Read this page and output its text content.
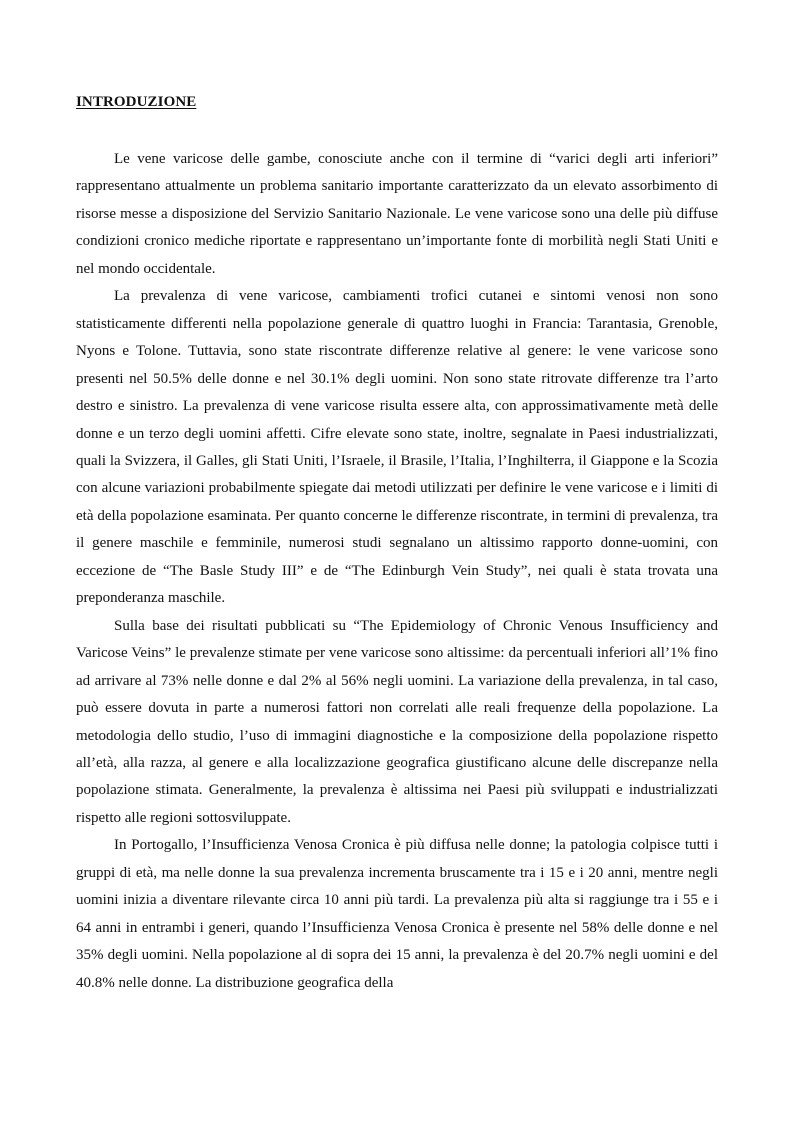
INTRODUZIONE

Le vene varicose delle gambe, conosciute anche con il termine di “varici degli arti inferiori” rappresentano attualmente un problema sanitario importante caratterizzato da un elevato assorbimento di risorse messe a disposizione del Servizio Sanitario Nazionale. Le vene varicose sono una delle più diffuse condizioni cronico mediche riportate e rappresentano un’importante fonte di morbilità negli Stati Uniti e nel mondo occidentale.

La prevalenza di vene varicose, cambiamenti trofici cutanei e sintomi venosi non sono statisticamente differenti nella popolazione generale di quattro luoghi in Francia: Tarantasia, Grenoble, Nyons e Tolone. Tuttavia, sono state riscontrate differenze relative al genere: le vene varicose sono presenti nel 50.5% delle donne e nel 30.1% degli uomini. Non sono state ritrovate differenze tra l’arto destro e sinistro. La prevalenza di vene varicose risulta essere alta, con approssimativamente metà delle donne e un terzo degli uomini affetti. Cifre elevate sono state, inoltre, segnalate in Paesi industrializzati, quali la Svizzera, il Galles, gli Stati Uniti, l’Israele, il Brasile, l’Italia, l’Inghilterra, il Giappone e la Scozia con alcune variazioni probabilmente spiegate dai metodi utilizzati per definire le vene varicose e i limiti di età della popolazione esaminata. Per quanto concerne le differenze riscontrate, in termini di prevalenza, tra il genere maschile e femminile, numerosi studi segnalano un altissimo rapporto donne-uomini, con eccezione de “The Basle Study III” e de “The Edinburgh Vein Study”, nei quali è stata trovata una preponderanza maschile.

Sulla base dei risultati pubblicati su “The Epidemiology of Chronic Venous Insufficiency and Varicose Veins” le prevalenze stimate per vene varicose sono altissime: da percentuali inferiori all’1% fino ad arrivare al 73% nelle donne e dal 2% al 56% negli uomini. La variazione della prevalenza, in tal caso, può essere dovuta in parte a numerosi fattori non correlati alle reali frequenze della popolazione. La metodologia dello studio, l’uso di immagini diagnostiche e la composizione della popolazione rispetto all’età, alla razza, al genere e alla localizzazione geografica giustificano alcune delle discrepanze nella popolazione stimata. Generalmente, la prevalenza è altissima nei Paesi più sviluppati e industrializzati rispetto alle regioni sottosviluppate.

In Portogallo, l’Insufficienza Venosa Cronica è più diffusa nelle donne; la patologia colpisce tutti i gruppi di età, ma nelle donne la sua prevalenza incrementa bruscamente tra i 15 e i 20 anni, mentre negli uomini inizia a diventare rilevante circa 10 anni più tardi. La prevalenza più alta si raggiunge tra i 55 e i 64 anni in entrambi i generi, quando l’Insufficienza Venosa Cronica è presente nel 58% delle donne e nel 35% degli uomini. Nella popolazione al di sopra dei 15 anni, la prevalenza è del 20.7% negli uomini e del 40.8% nelle donne. La distribuzione geografica della
